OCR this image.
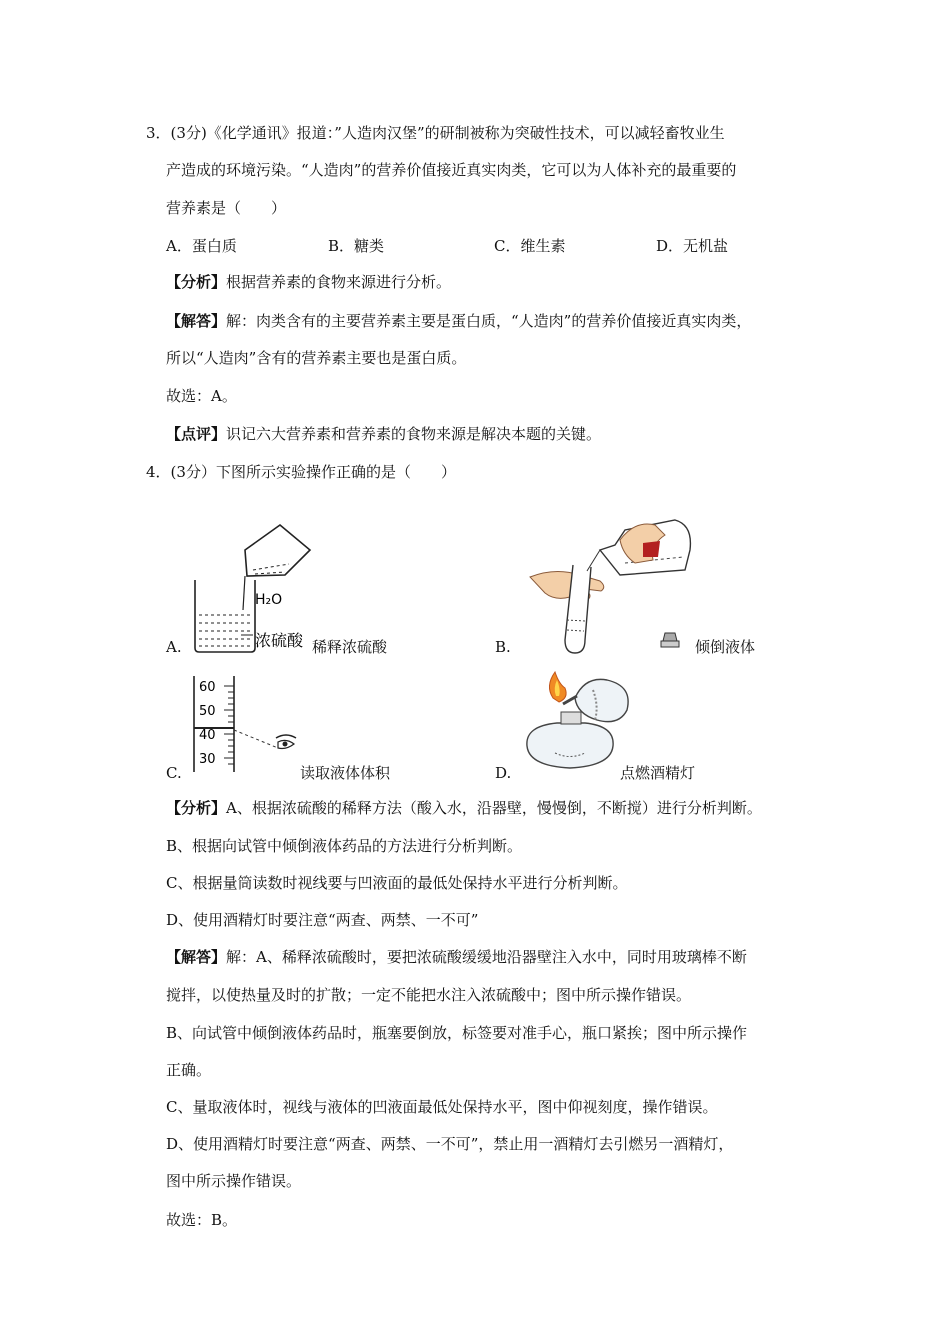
3．(3分)《化学通讯》报道：”人造肉汉堡”的研制被称为突破性技术，可以减轻畜牧业生
产造成的环境污染。“人造肉”的营养价值接近真实肉类，它可以为人体补充的最重要的
营养素是（　　）
A．蛋白质	B．糖类	C．维生素	D．无机盐
【分析】根据营养素的食物来源进行分析。
【解答】解：肉类含有的主要营养素主要是蛋白质，“人造肉”的营养价值接近真实肉类，
所以“人造肉”含有的营养素主要也是蛋白质。
故选：A。
【点评】识记六大营养素和营养素的食物来源是解决本题的关键。
4．(3分）下图所示实验操作正确的是（　　）
A.
H₂O
浓硫酸 稀释浓硫酸	B.	倾倒液体
C.
60
50
40
30
读取液体体积	D.	点燃酒精灯
【分析】A、根据浓硫酸的稀释方法（酸入水，沿器壁，慢慢倒，不断搅）进行分析判断。
B、根据向试管中倾倒液体药品的方法进行分析判断。
C、根据量筒读数时视线要与凹液面的最低处保持水平进行分析判断。
D、使用酒精灯时要注意“两查、两禁、一不可”
【解答】解：A、稀释浓硫酸时，要把浓硫酸缓缓地沿器壁注入水中，同时用玻璃棒不断
搅拌，以使热量及时的扩散；一定不能把水注入浓硫酸中；图中所示操作错误。
B、向试管中倾倒液体药品时，瓶塞要倒放，标签要对准手心，瓶口紧挨；图中所示操作
正确。
C、量取液体时，视线与液体的凹液面最低处保持水平，图中仰视刻度，操作错误。
D、使用酒精灯时要注意“两查、两禁、一不可”，禁止用一酒精灯去引燃另一酒精灯，
图中所示操作错误。
故选：B。
